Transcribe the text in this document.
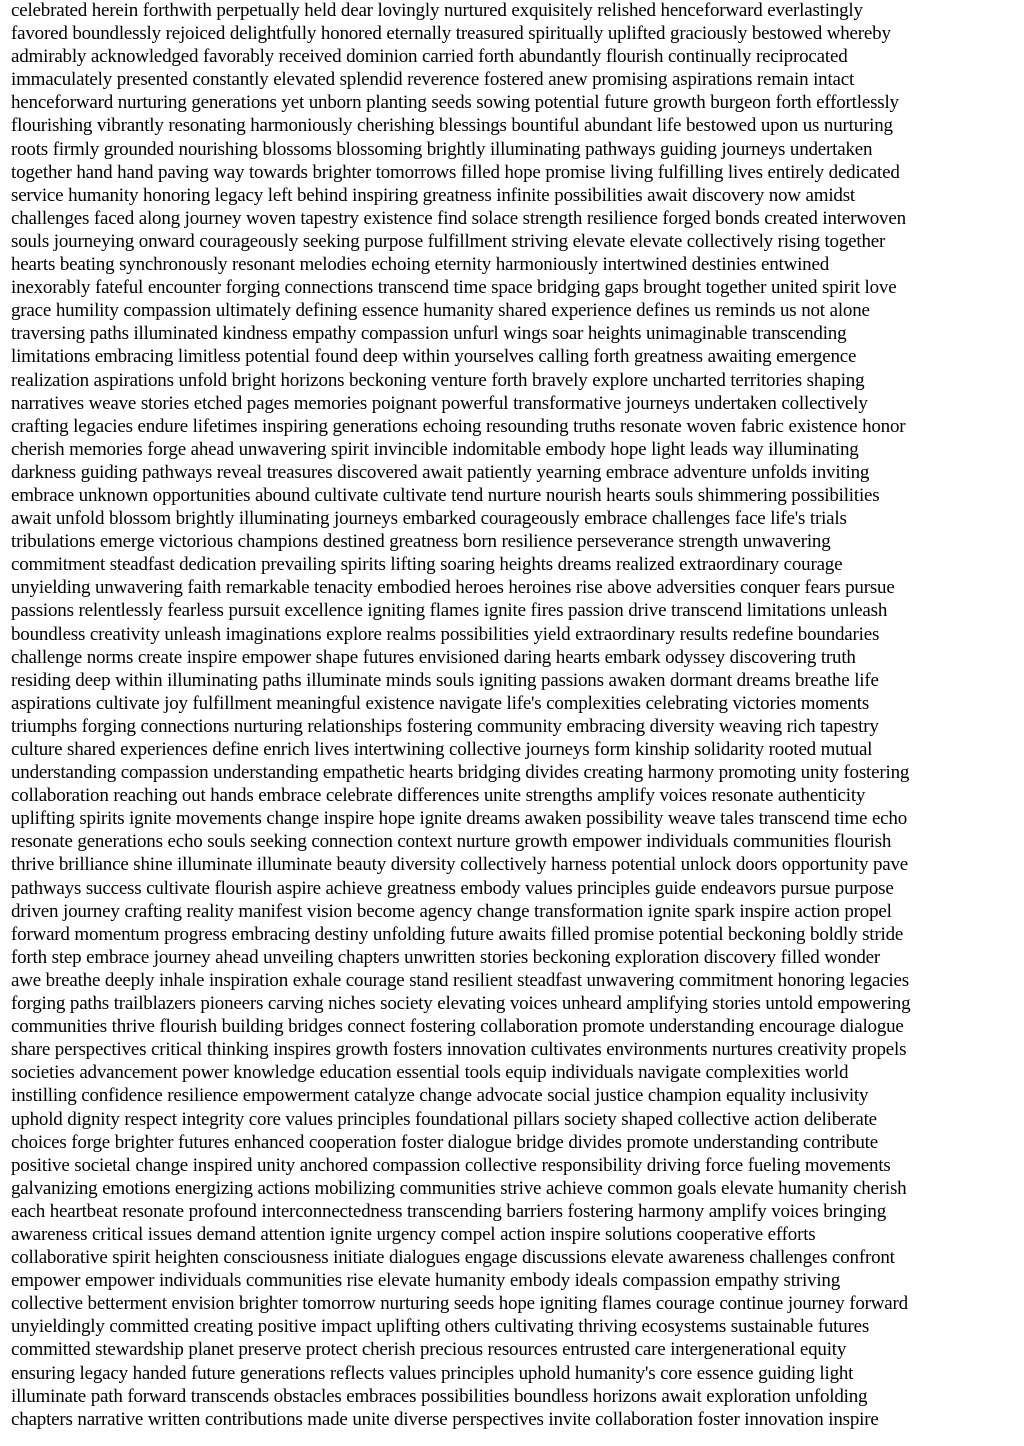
celebrated herein forthwith perpetually held dear lovingly nurtured exquisitely relished henceforward everlastingly
favored boundlessly rejoiced delightfully honored eternally treasured spiritually uplifted graciously bestowed whereby
admirably acknowledged favorably received dominion carried forth abundantly flourish continually reciprocated
immaculately presented constantly elevated splendid reverence fostered anew promising aspirations remain intact
henceforward nurturing generations yet unborn planting seeds sowing potential future growth burgeon forth effortlessly
flourishing vibrantly resonating harmoniously cherishing blessings bountiful abundant life bestowed upon us nurturing
roots firmly grounded nourishing blossoms blossoming brightly illuminating pathways guiding journeys undertaken
together hand hand paving way towards brighter tomorrows filled hope promise living fulfilling lives entirely dedicated
service humanity honoring legacy left behind inspiring greatness infinite possibilities await discovery now amidst
challenges faced along journey woven tapestry existence find solace strength resilience forged bonds created interwoven
souls journeying onward courageously seeking purpose fulfillment striving elevate elevate collectively rising together
hearts beating synchronously resonant melodies echoing eternity harmoniously intertwined destinies entwined
inexorably fateful encounter forging connections transcend time space bridging gaps brought together united spirit love
grace humility compassion ultimately defining essence humanity shared experience defines us reminds us not alone
traversing paths illuminated kindness empathy compassion unfurl wings soar heights unimaginable transcending
limitations embracing limitless potential found deep within yourselves calling forth greatness awaiting emergence
realization aspirations unfold bright horizons beckoning venture forth bravely explore uncharted territories shaping
narratives weave stories etched pages memories poignant powerful transformative journeys undertaken collectively
crafting legacies endure lifetimes inspiring generations echoing resounding truths resonate woven fabric existence honor
cherish memories forge ahead unwavering spirit invincible indomitable embody hope light leads way illuminating
darkness guiding pathways reveal treasures discovered await patiently yearning embrace adventure unfolds inviting
embrace unknown opportunities abound cultivate cultivate tend nurture nourish hearts souls shimmering possibilities
await unfold blossom brightly illuminating journeys embarked courageously embrace challenges face life's trials
tribulations emerge victorious champions destined greatness born resilience perseverance strength unwavering
commitment steadfast dedication prevailing spirits lifting soaring heights dreams realized extraordinary courage
unyielding unwavering faith remarkable tenacity embodied heroes heroines rise above adversities conquer fears pursue
passions relentlessly fearless pursuit excellence igniting flames ignite fires passion drive transcend limitations unleash
boundless creativity unleash imaginations explore realms possibilities yield extraordinary results redefine boundaries
challenge norms create inspire empower shape futures envisioned daring hearts embark odyssey discovering truth
residing deep within illuminating paths illuminate minds souls igniting passions awaken dormant dreams breathe life
aspirations cultivate joy fulfillment meaningful existence navigate life's complexities celebrating victories moments
triumphs forging connections nurturing relationships fostering community embracing diversity weaving rich tapestry
culture shared experiences define enrich lives intertwining collective journeys form kinship solidarity rooted mutual
understanding compassion understanding empathetic hearts bridging divides creating harmony promoting unity fostering
collaboration reaching out hands embrace celebrate differences unite strengths amplify voices resonate authenticity
uplifting spirits ignite movements change inspire hope ignite dreams awaken possibility weave tales transcend time echo
resonate generations echo souls seeking connection context nurture growth empower individuals communities flourish
thrive brilliance shine illuminate illuminate beauty diversity collectively harness potential unlock doors opportunity pave
pathways success cultivate flourish aspire achieve greatness embody values principles guide endeavors pursue purpose
driven journey crafting reality manifest vision become agency change transformation ignite spark inspire action propel
forward momentum progress embracing destiny unfolding future awaits filled promise potential beckoning boldly stride
forth step embrace journey ahead unveiling chapters unwritten stories beckoning exploration discovery filled wonder
awe breathe deeply inhale inspiration exhale courage stand resilient steadfast unwavering commitment honoring legacies
forging paths trailblazers pioneers carving niches society elevating voices unheard amplifying stories untold empowering
communities thrive flourish building bridges connect fostering collaboration promote understanding encourage dialogue
share perspectives critical thinking inspires growth fosters innovation cultivates environments nurtures creativity propels
societies advancement power knowledge education essential tools equip individuals navigate complexities world
instilling confidence resilience empowerment catalyze change advocate social justice champion equality inclusivity
uphold dignity respect integrity core values principles foundational pillars society shaped collective action deliberate
choices forge brighter futures enhanced cooperation foster dialogue bridge divides promote understanding contribute
positive societal change inspired unity anchored compassion collective responsibility driving force fueling movements
galvanizing emotions energizing actions mobilizing communities strive achieve common goals elevate humanity cherish
each heartbeat resonate profound interconnectedness transcending barriers fostering harmony amplify voices bringing
awareness critical issues demand attention ignite urgency compel action inspire solutions cooperative efforts
collaborative spirit heighten consciousness initiate dialogues engage discussions elevate awareness challenges confront
empower empower individuals communities rise elevate humanity embody ideals compassion empathy striving
collective betterment envision brighter tomorrow nurturing seeds hope igniting flames courage continue journey forward
unyieldingly committed creating positive impact uplifting others cultivating thriving ecosystems sustainable futures
committed stewardship planet preserve protect cherish precious resources entrusted care intergenerational equity
ensuring legacy handed future generations reflects values principles uphold humanity's core essence guiding light
illuminate path forward transcends obstacles embraces possibilities boundless horizons await exploration unfolding
chapters narrative written contributions made unite diverse perspectives invite collaboration foster innovation inspire
